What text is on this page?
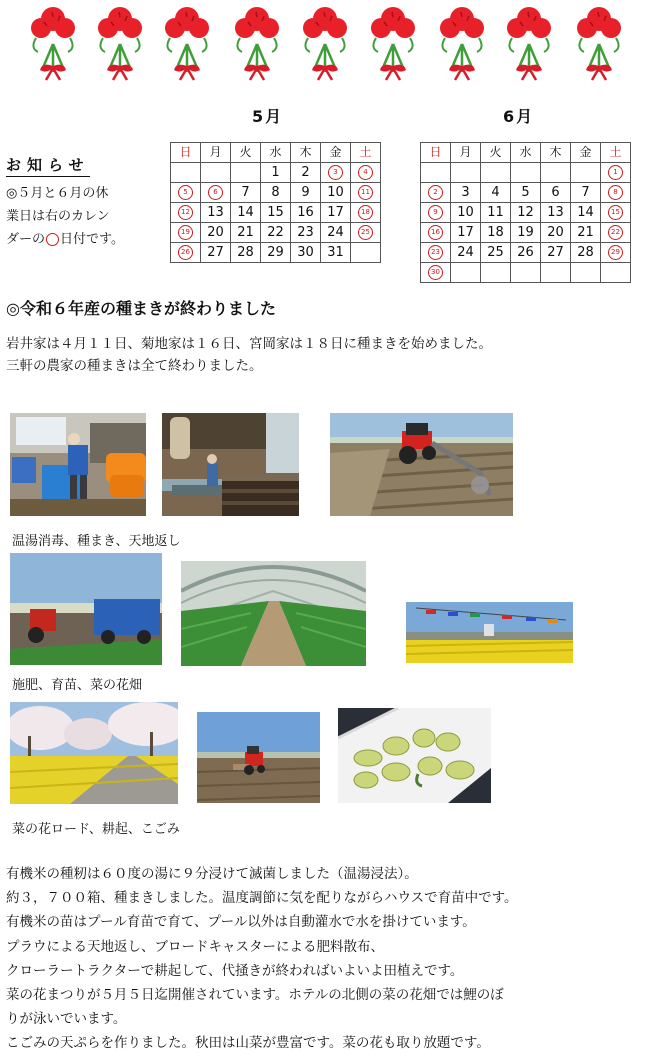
5月	6月
日	月	火	水	木	金	土
			1	2	3	4
5	6	7	8	9	10	11
12	13	14	15	16	17	18
19	20	21	22	23	24	25
26	27	28	29	30	31	
日	月	火	水	木	金	土
						1
2	3	4	5	6	7	8
9	10	11	12	13	14	15
16	17	18	19	20	21	22
23	24	25	26	27	28	29
30						
お知らせ
◎５月と６月の休
業日は右のカレン
ダーの 日付です。
◎令和６年産の種まきが終わりました
岩井家は４月１１日、菊地家は１６日、宮岡家は１８日に種まきを始めました。
三軒の農家の種まきは全て終わりました。
温湯消毒、種まき、天地返し
施肥、育苗、菜の花畑
菜の花ロード、耕起、こごみ
有機米の種籾は６０度の湯に９分浸けて滅菌しました（温湯浸法）。
約３，７００箱、種まきしました。温度調節に気を配りながらハウスで育苗中です。
有機米の苗はプール育苗で育て、プール以外は自動灌水で水を掛けています。
プラウによる天地返し、ブロードキャスターによる肥料散布、
クローラートラクターで耕起して、代掻きが終わればいよいよ田植えです。
菜の花まつりが５月５日迄開催されています。ホテルの北側の菜の花畑では鯉のぼ
りが泳いでいます。
こごみの天ぷらを作りました。秋田は山菜が豊富です。菜の花も取り放題です。
